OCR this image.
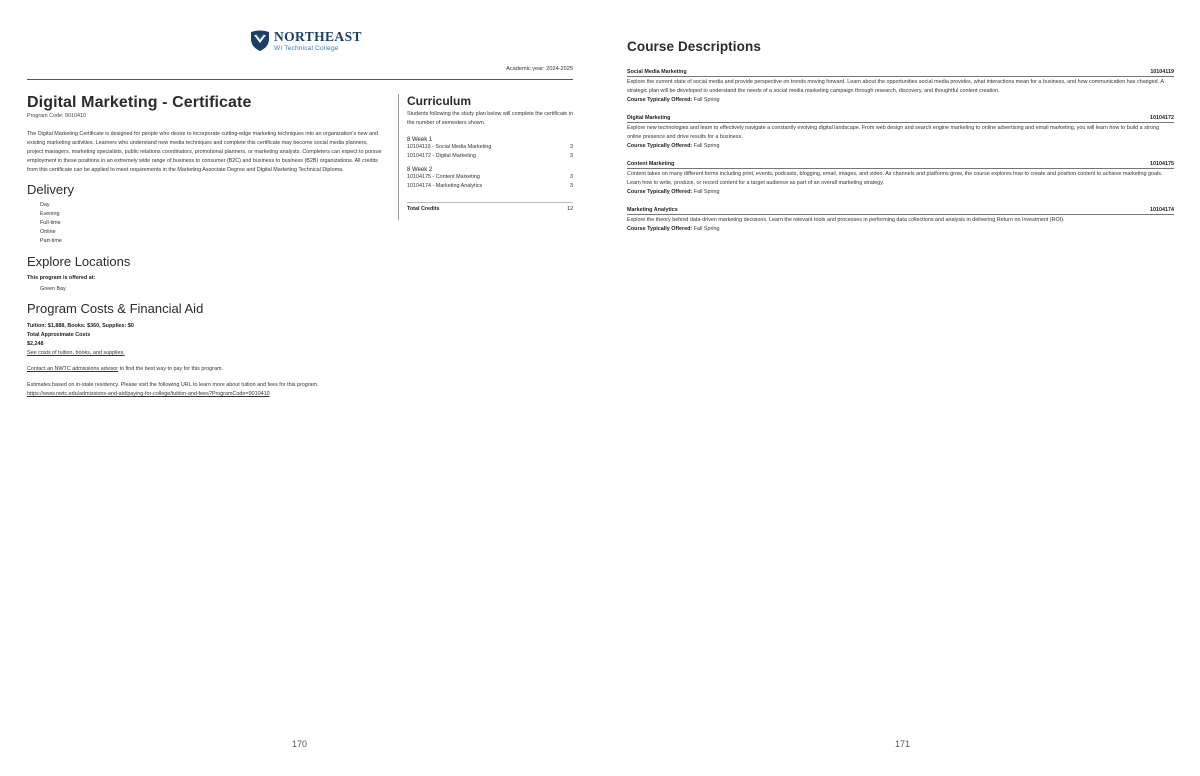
NORTHEAST
WI Technical College
Academic year: 2024-2025
Digital Marketing - Certificate
Program Code: 9010410
The Digital Marketing Certificate is designed for people who desire to incorporate cutting-edge marketing techniques into an organization's new and existing marketing activities. Learners who understand new media techniques and complete this certificate may become social media planners, project managers, marketing specialists, public relations coordinators, promotional planners, or marketing analysts. Completers can expect to pursue employment in these positions in an extremely wide range of business to consumer (B2C) and business to business (B2B) organizations. All credits from this certificate can be applied to meet requirements in the Marketing Associate Degree and Digital Marketing Technical Diploma.
Delivery
Day
Evening
Full-time
Online
Part-time
Explore Locations
This program is offered at:
Green Bay
Program Costs & Financial Aid
Tuition: $1,888, Books: $360, Supplies: $0
Total Approximate Costs
$2,248
See costs of tuition, books, and supplies.
Contact an NWTC admissions advisor to find the best way to pay for this program.
Estimates based on in-state residency. Please visit the following URL to learn more about tuition and fees for this program.
https://www.nwtc.edu/admissions-and-aid/paying-for-college/tuition-and-fees?ProgramCode=9010410
Curriculum
Students following the study plan below will complete the certificate in the number of semesters shown.
8 Week 1
10104119 - Social Media Marketing	3
10104172 - Digital Marketing	3
8 Week 2
10104175 - Content Marketing	3
10104174 - Marketing Analytics	3
Total Credits	12
170
Course Descriptions
Social Media Marketing	10104119
Explore the current state of social media and provide perspective on trends moving forward. Learn about the opportunities social media provides, what interactions mean for a business, and how communication has changed. A strategic plan will be developed to understand the needs of a social media marketing campaign through research, discovery, and thoughtful content creation.
Course Typically Offered: Fall Spring
Digital Marketing	10104172
Explore new technologies and learn to effectively navigate a constantly evolving digital landscape. From web design and search engine marketing to online advertising and email marketing, you will learn how to build a strong online presence and drive results for a business.
Course Typically Offered: Fall Spring
Content Marketing	10104175
Content takes on many different forms including print, events, podcasts, blogging, email, images, and video. As channels and platforms grow, the course explores how to create and position content to achieve marketing goals. Learn how to write, produce, or record content for a target audience as part of an overall marketing strategy.
Course Typically Offered: Fall Spring
Marketing Analytics	10104174
Explore the theory behind data-driven marketing decisions. Learn the relevant tools and processes in performing data collections and analysis in delivering Return on Investment (ROI).
Course Typically Offered: Fall Spring
171
